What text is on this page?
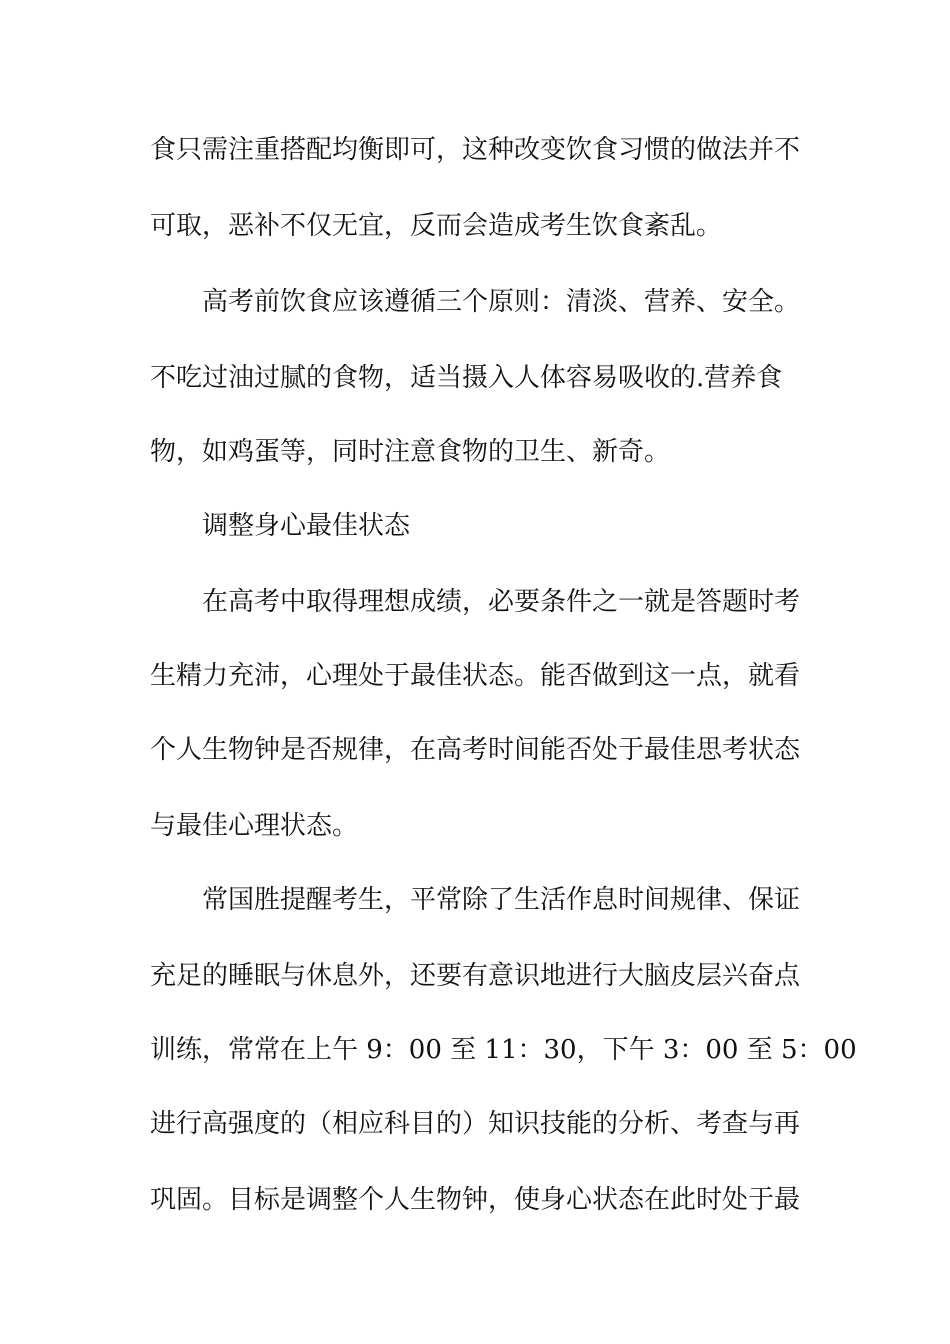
食只需注重搭配均衡即可，这种改变饮食习惯的做法并不
可取，恶补不仅无宜，反而会造成考生饮食紊乱。
高考前饮食应该遵循三个原则：清淡、营养、安全。
不吃过油过腻的食物，适当摄入人体容易吸收的.营养食
物，如鸡蛋等，同时注意食物的卫生、新奇。
调整身心最佳状态
在高考中取得理想成绩，必要条件之一就是答题时考
生精力充沛，心理处于最佳状态。能否做到这一点，就看
个人生物钟是否规律，在高考时间能否处于最佳思考状态
与最佳心理状态。
常国胜提醒考生，平常除了生活作息时间规律、保证
充足的睡眠与休息外，还要有意识地进行大脑皮层兴奋点
训练，常常在上午 9：00 至 11：30，下午 3：00 至 5：00
进行高强度的（相应科目的）知识技能的分析、考查与再
巩固。目标是调整个人生物钟，使身心状态在此时处于最
